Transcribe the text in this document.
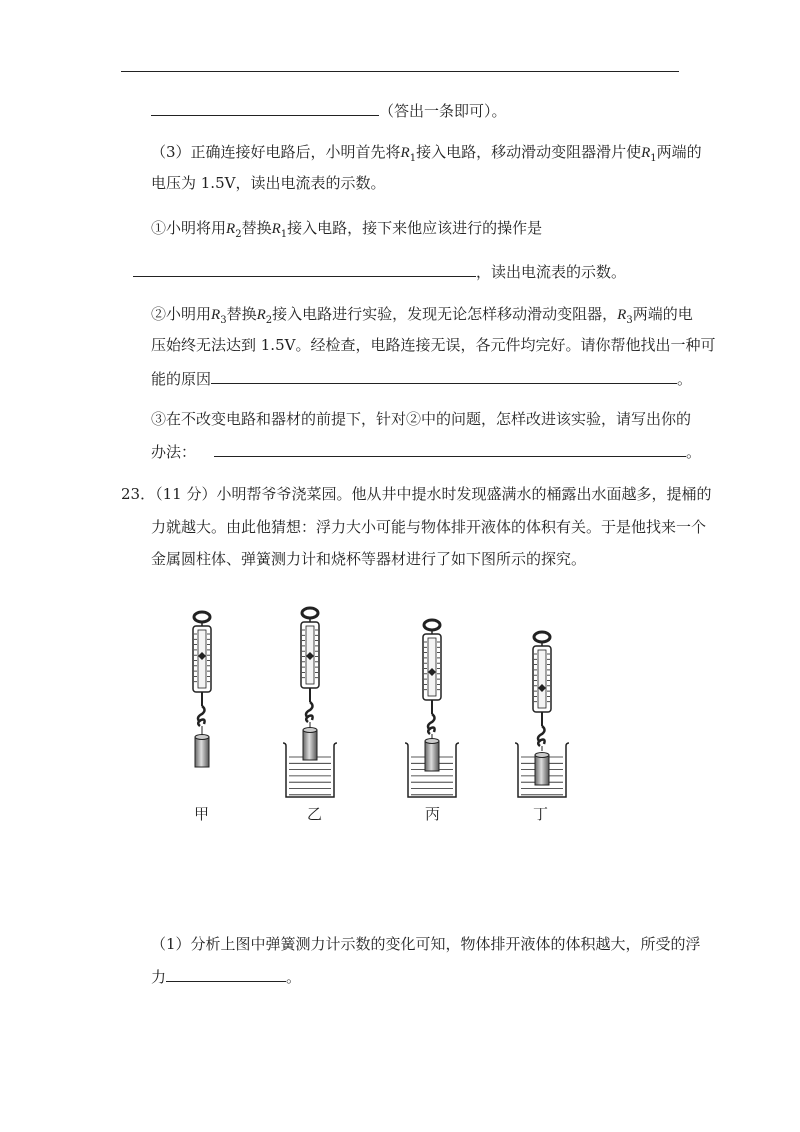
（答出一条即可）。
（3）正确连接好电路后，小明首先将$R_1$接入电路，移动滑动变阻器滑片使$R_1$两端的
电压为 1.5V，读出电流表的示数。
①小明将用$R_2$替换$R_1$接入电路，接下来他应该进行的操作是
，读出电流表的示数。
②小明用$R_3$替换$R_2$接入电路进行实验，发现无论怎样移动滑动变阻器，$R_3$两端的电
压始终无法达到 1.5V。经检查，电路连接无误，各元件均完好。请你帮他找出一种可
能的原因	。
③在不改变电路和器材的前提下，针对②中的问题，怎样改进该实验，请写出你的
办法：	。
23．（11 分）小明帮爷爷浇菜园。他从井中提水时发现盛满水的桶露出水面越多，提桶的
力就越大。由此他猜想：浮力大小可能与物体排开液体的体积有关。于是他找来一个
金属圆柱体、弹簧测力计和烧杯等器材进行了如下图所示的探究。
甲	乙	丙	丁
（1）分析上图中弹簧测力计示数的变化可知，物体排开液体的体积越大，所受的浮
力	。
